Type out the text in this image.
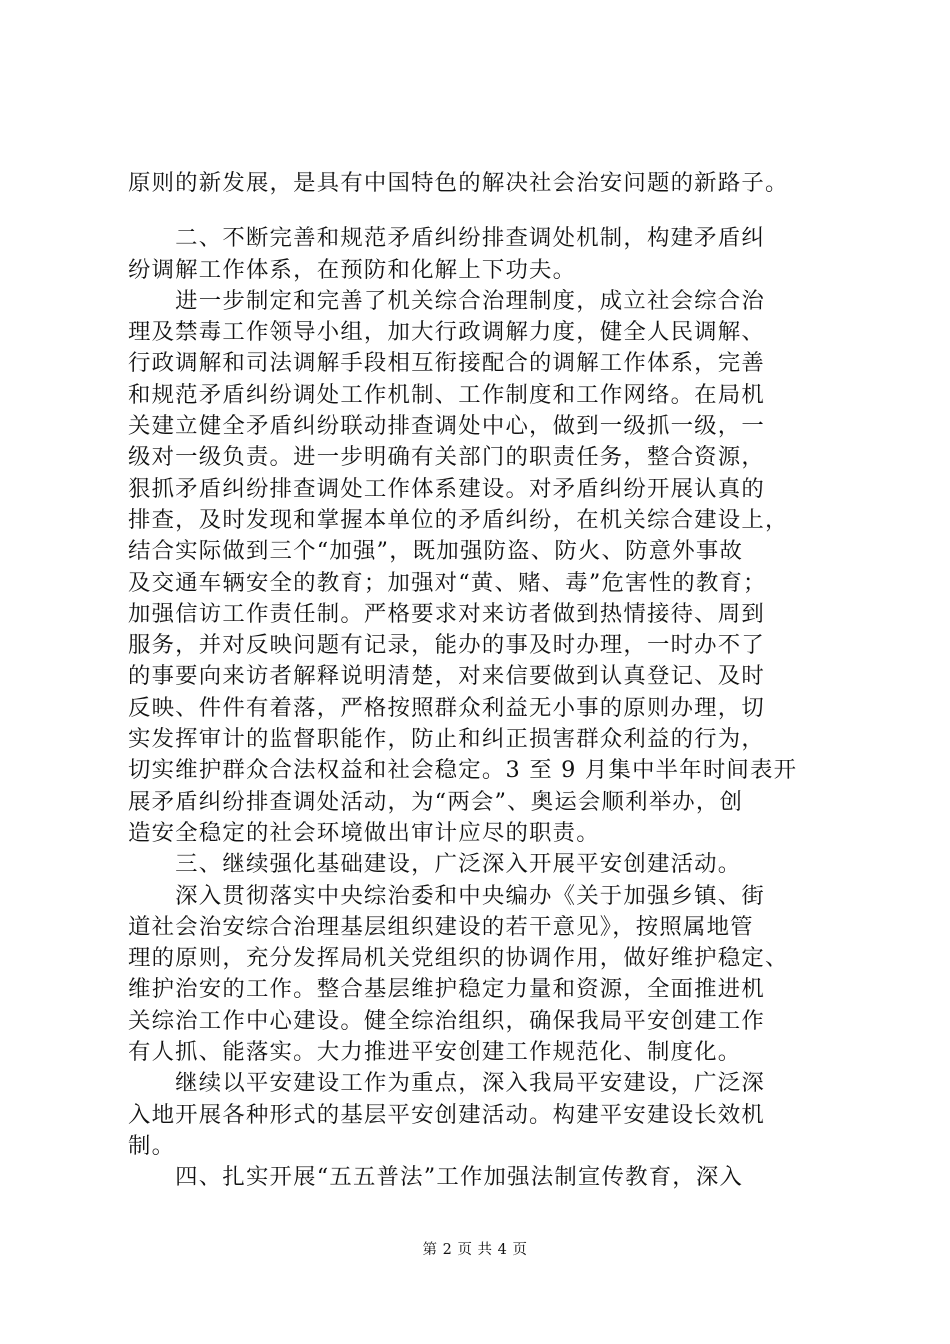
原则的新发展，是具有中国特色的解决社会治安问题的新路子。
　　二、不断完善和规范矛盾纠纷排查调处机制，构建矛盾纠
纷调解工作体系，在预防和化解上下功夫。
　　进一步制定和完善了机关综合治理制度，成立社会综合治
理及禁毒工作领导小组，加大行政调解力度，健全人民调解、
行政调解和司法调解手段相互衔接配合的调解工作体系，完善
和规范矛盾纠纷调处工作机制、工作制度和工作网络。在局机
关建立健全矛盾纠纷联动排查调处中心，做到一级抓一级，一
级对一级负责。进一步明确有关部门的职责任务，整合资源，
狠抓矛盾纠纷排查调处工作体系建设。对矛盾纠纷开展认真的
排查，及时发现和掌握本单位的矛盾纠纷，在机关综合建设上，
结合实际做到三个“加强”，既加强防盗、防火、防意外事故
及交通车辆安全的教育；加强对“黄、赌、毒”危害性的教育；
加强信访工作责任制。严格要求对来访者做到热情接待、周到
服务，并对反映问题有记录，能办的事及时办理，一时办不了
的事要向来访者解释说明清楚，对来信要做到认真登记、及时
反映、件件有着落，严格按照群众利益无小事的原则办理，切
实发挥审计的监督职能作，防止和纠正损害群众利益的行为，
切实维护群众合法权益和社会稳定。3 至 9 月集中半年时间表开
展矛盾纠纷排查调处活动，为“两会”、奥运会顺利举办，创
造安全稳定的社会环境做出审计应尽的职责。
　　三、继续强化基础建设，广泛深入开展平安创建活动。
　　深入贯彻落实中央综治委和中央编办《关于加强乡镇、街
道社会治安综合治理基层组织建设的若干意见》，按照属地管
理的原则，充分发挥局机关党组织的协调作用，做好维护稳定、
维护治安的工作。整合基层维护稳定力量和资源，全面推进机
关综治工作中心建设。健全综治组织，确保我局平安创建工作
有人抓、能落实。大力推进平安创建工作规范化、制度化。
　　继续以平安建设工作为重点，深入我局平安建设，广泛深
入地开展各种形式的基层平安创建活动。构建平安建设长效机
制。
　　四、扎实开展“五五普法”工作加强法制宣传教育，深入
第 2 页 共 4 页
